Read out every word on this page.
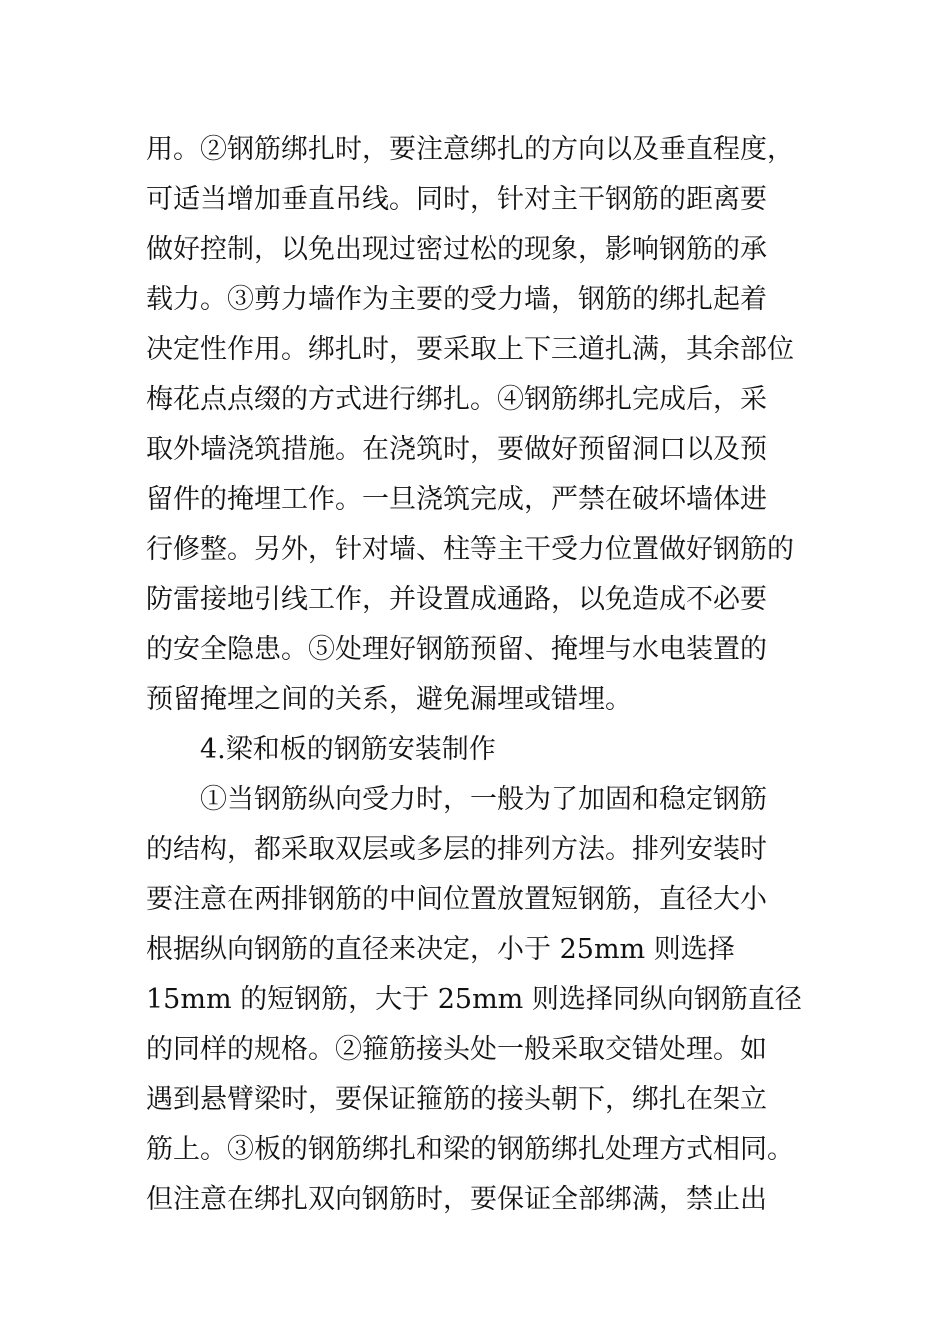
用。②钢筋绑扎时，要注意绑扎的方向以及垂直程度，
可适当增加垂直吊线。同时，针对主干钢筋的距离要
做好控制，以免出现过密过松的现象，影响钢筋的承
载力。③剪力墙作为主要的受力墙，钢筋的绑扎起着
决定性作用。绑扎时，要采取上下三道扎满，其余部位
梅花点点缀的方式进行绑扎。④钢筋绑扎完成后，采
取外墙浇筑措施。在浇筑时，要做好预留洞口以及预
留件的掩埋工作。一旦浇筑完成，严禁在破坏墙体进
行修整。另外，针对墙、柱等主干受力位置做好钢筋的
防雷接地引线工作，并设置成通路，以免造成不必要
的安全隐患。⑤处理好钢筋预留、掩埋与水电装置的
预留掩埋之间的关系，避免漏埋或错埋。
4.梁和板的钢筋安装制作
①当钢筋纵向受力时，一般为了加固和稳定钢筋
的结构，都采取双层或多层的排列方法。排列安装时
要注意在两排钢筋的中间位置放置短钢筋，直径大小
根据纵向钢筋的直径来决定，小于 25mm 则选择
15mm 的短钢筋，大于 25mm 则选择同纵向钢筋直径
的同样的规格。②箍筋接头处一般采取交错处理。如
遇到悬臂梁时，要保证箍筋的接头朝下，绑扎在架立
筋上。③板的钢筋绑扎和梁的钢筋绑扎处理方式相同。
但注意在绑扎双向钢筋时，要保证全部绑满，禁止出
